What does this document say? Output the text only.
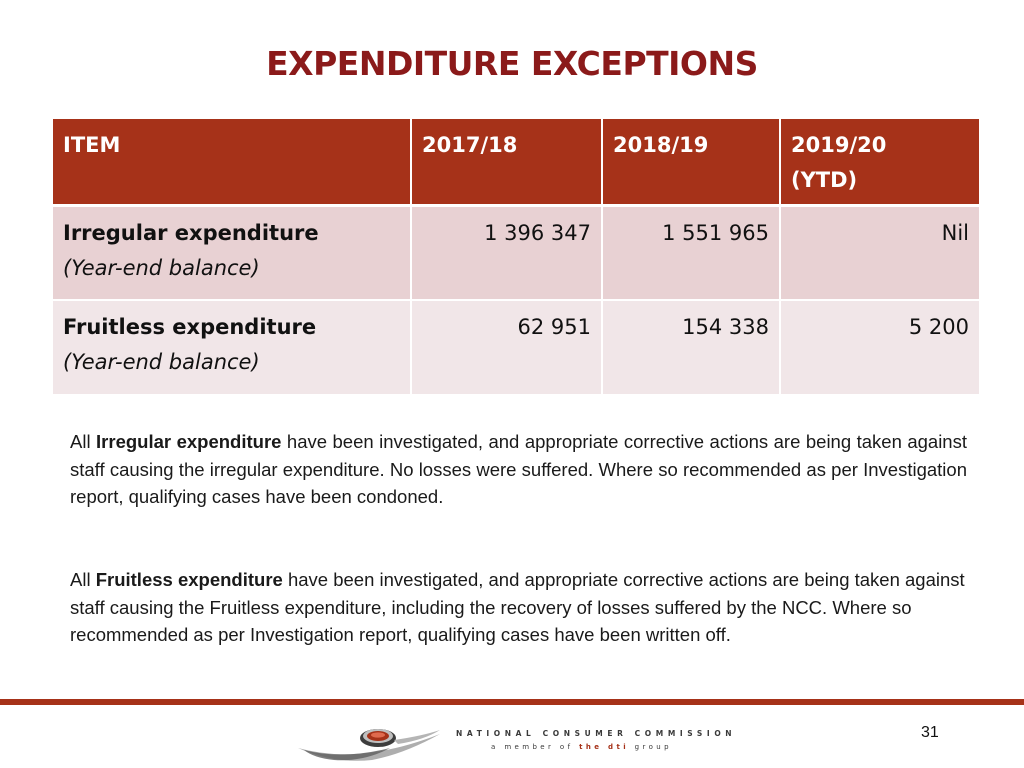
EXPENDITURE EXCEPTIONS
ITEM	2017/18	2018/19	2019/20
(YTD)

Irregular expenditure
(Year-end balance)	1 396 347	1 551 965	Nil

Fruitless expenditure
(Year-end balance)	62 951	154 338	5 200

All Irregular expenditure have been investigated, and appropriate corrective actions are being taken against staff causing the irregular expenditure. No losses were suffered. Where so recommended as per Investigation report, qualifying cases have been condoned.

All Fruitless expenditure have been investigated, and appropriate corrective actions are being taken against staff causing the Fruitless expenditure, including the recovery of losses suffered by the NCC. Where so recommended as per Investigation report, qualifying cases have been written off.

NATIONAL CONSUMER COMMISSION
a member of the dti group
31
